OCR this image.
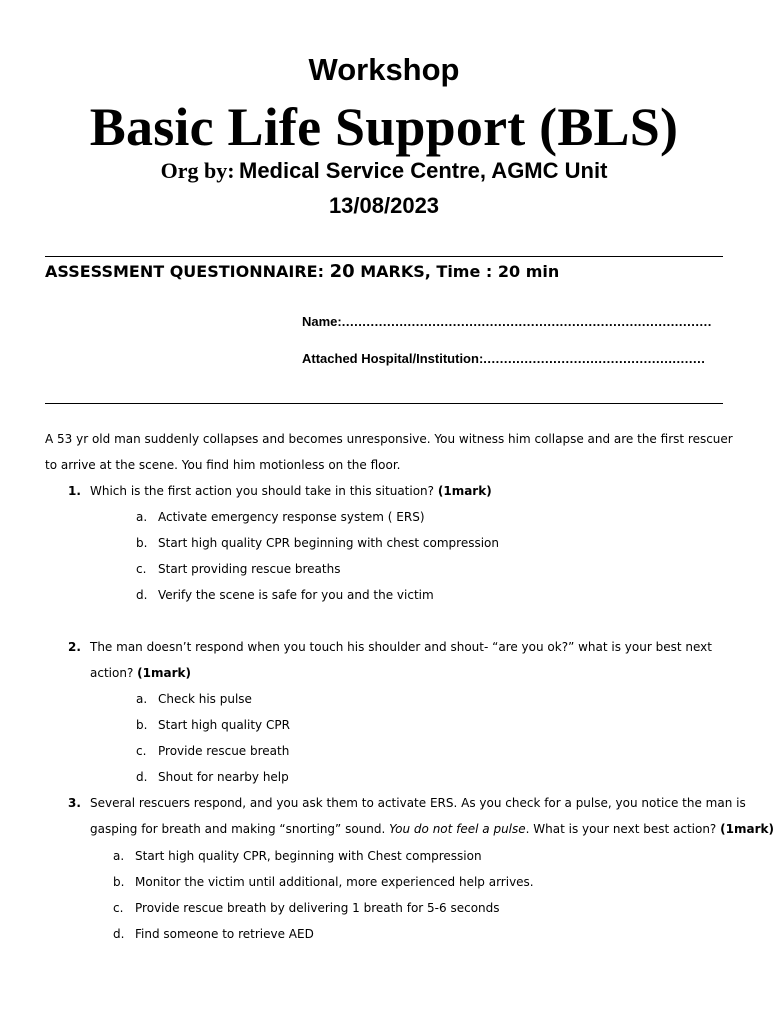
Workshop
Basic Life Support (BLS)
Org by: Medical Service Centre, AGMC Unit
13/08/2023
ASSESSMENT QUESTIONNAIRE: 20 MARKS, Time : 20 min
Name:..........................................................................................
Attached Hospital/Institution:......................................................
A 53 yr old man suddenly collapses and becomes unresponsive. You witness him collapse and are the first rescuer to arrive at the scene. You find him motionless on the floor.
1. Which is the first action you should take in this situation? (1mark)
a. Activate emergency response system ( ERS)
b. Start high quality CPR beginning with chest compression
c. Start providing rescue breaths
d. Verify the scene is safe for you and the victim
2. The man doesn’t respond when you touch his shoulder and shout- “are you ok?” what is your best next action? (1mark)
a. Check his pulse
b. Start high quality CPR
c. Provide rescue breath
d. Shout for nearby help
3. Several rescuers respond, and you ask them to activate ERS. As you check for a pulse, you notice the man is
gasping for breath and making “snorting” sound. You do not feel a pulse. What is your next best action? (1mark)
a. Start high quality CPR, beginning with Chest compression
b. Monitor the victim until additional, more experienced help arrives.
c. Provide rescue breath by delivering 1 breath for 5-6 seconds
d. Find someone to retrieve AED
